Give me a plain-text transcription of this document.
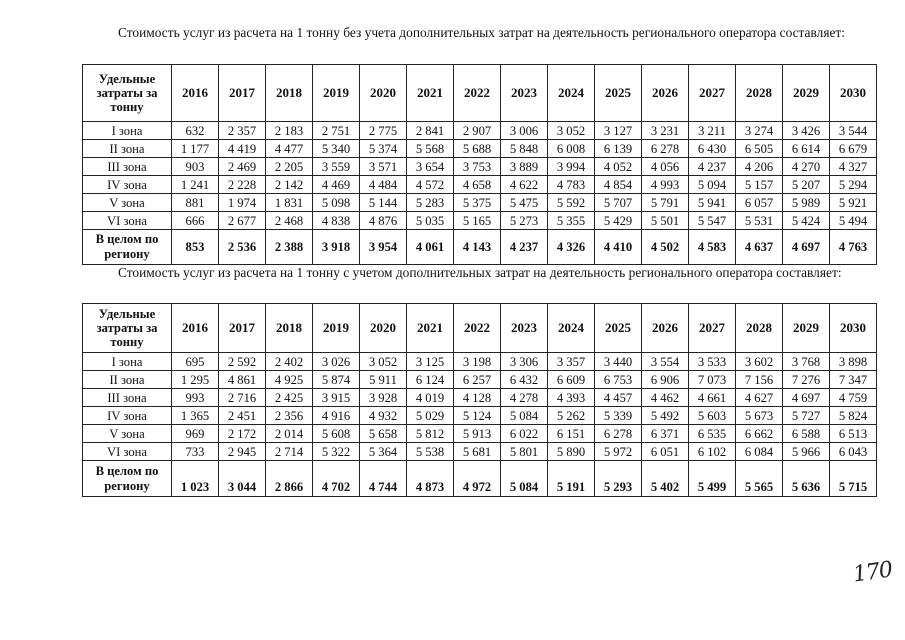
Стоимость услуг из расчета на 1 тонну без учета дополнительных затрат на деятельность регионального оператора составляет:
Удельные затраты за тонну	2016	2017	2018	2019	2020	2021	2022	2023	2024	2025	2026	2027	2028	2029	2030
I зона	632	2 357	2 183	2 751	2 775	2 841	2 907	3 006	3 052	3 127	3 231	3 211	3 274	3 426	3 544
II зона	1 177	4 419	4 477	5 340	5 374	5 568	5 688	5 848	6 008	6 139	6 278	6 430	6 505	6 614	6 679
III зона	903	2 469	2 205	3 559	3 571	3 654	3 753	3 889	3 994	4 052	4 056	4 237	4 206	4 270	4 327
IV зона	1 241	2 228	2 142	4 469	4 484	4 572	4 658	4 622	4 783	4 854	4 993	5 094	5 157	5 207	5 294
V зона	881	1 974	1 831	5 098	5 144	5 283	5 375	5 475	5 592	5 707	5 791	5 941	6 057	5 989	5 921
VI зона	666	2 677	2 468	4 838	4 876	5 035	5 165	5 273	5 355	5 429	5 501	5 547	5 531	5 424	5 494
В целом по региону	853	2 536	2 388	3 918	3 954	4 061	4 143	4 237	4 326	4 410	4 502	4 583	4 637	4 697	4 763
Стоимость услуг из расчета на 1 тонну с учетом дополнительных затрат на деятельность регионального оператора составляет:
Удельные затраты за тонну	2016	2017	2018	2019	2020	2021	2022	2023	2024	2025	2026	2027	2028	2029	2030
I зона	695	2 592	2 402	3 026	3 052	3 125	3 198	3 306	3 357	3 440	3 554	3 533	3 602	3 768	3 898
II зона	1 295	4 861	4 925	5 874	5 911	6 124	6 257	6 432	6 609	6 753	6 906	7 073	7 156	7 276	7 347
III зона	993	2 716	2 425	3 915	3 928	4 019	4 128	4 278	4 393	4 457	4 462	4 661	4 627	4 697	4 759
IV зона	1 365	2 451	2 356	4 916	4 932	5 029	5 124	5 084	5 262	5 339	5 492	5 603	5 673	5 727	5 824
V зона	969	2 172	2 014	5 608	5 658	5 812	5 913	6 022	6 151	6 278	6 371	6 535	6 662	6 588	6 513
VI зона	733	2 945	2 714	5 322	5 364	5 538	5 681	5 801	5 890	5 972	6 051	6 102	6 084	5 966	6 043
В целом по региону	1 023	3 044	2 866	4 702	4 744	4 873	4 972	5 084	5 191	5 293	5 402	5 499	5 565	5 636	5 715
170
